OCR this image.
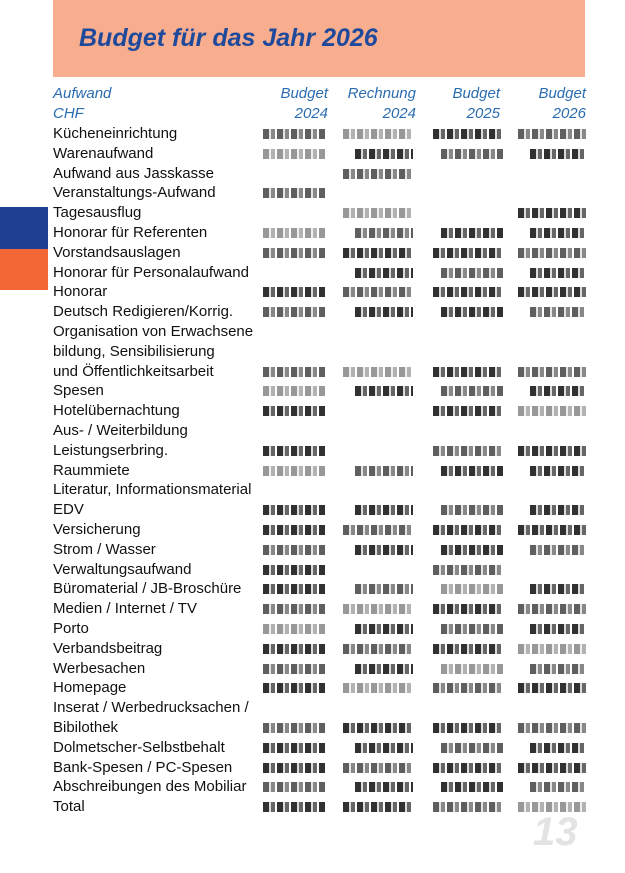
Budget für das Jahr 2026
Aufwand
CHF
Budget
2024
Rechnung
2024
Budget
2025
Budget
2026
Kücheneinrichtung
Warenaufwand
Aufwand aus Jasskasse
Veranstaltungs-Aufwand
Tagesausflug
Honorar für Referenten
Vorstandsauslagen
Honorar für Personalaufwand
Honorar
Deutsch Redigieren/Korrig.
Organisation von Erwachsene
bildung, Sensibilisierung
und Öffentlichkeitsarbeit
Spesen
Hotelübernachtung
Aus- / Weiterbildung
Leistungserbring.
Raummiete
Literatur, Informationsmaterial
EDV
Versicherung
Strom / Wasser
Verwaltungsaufwand
Büromaterial / JB-Broschüre
Medien / Internet / TV
Porto
Verbandsbeitrag
Werbesachen
Homepage
Inserat / Werbedrucksachen /
Bibilothek
Dolmetscher-Selbstbehalt
Bank-Spesen / PC-Spesen
Abschreibungen des Mobiliar
Total
13
